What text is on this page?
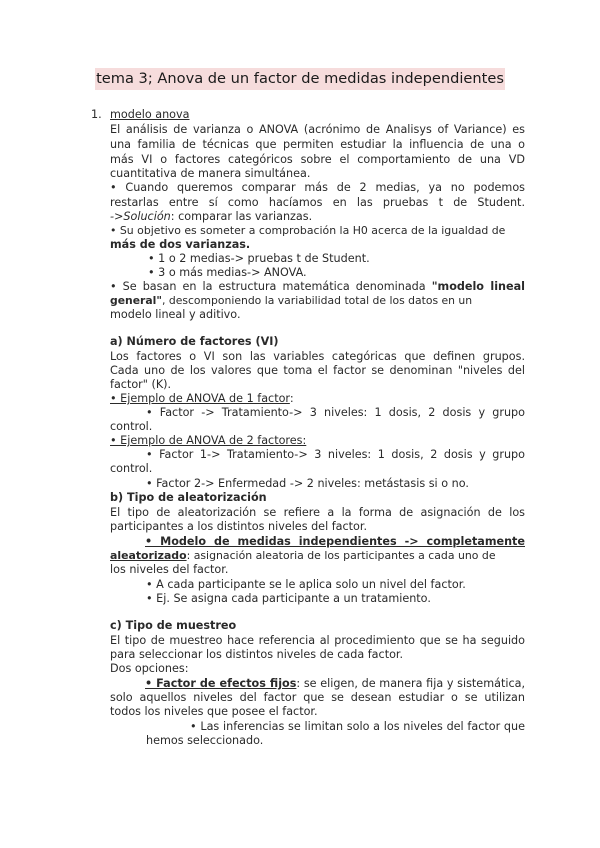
tema 3; Anova de un factor de medidas independientes
1. modelo anova
El análisis de varianza o ANOVA (acrónimo de Analisys of Variance) es
una familia de técnicas que permiten estudiar la influencia de una o
más VI o factores categóricos sobre el comportamiento de una VD
cuantitativa de manera simultánea.
• Cuando queremos comparar más de 2 medias, ya no podemos
restarlas entre sí como hacíamos en las pruebas t de Student.
->Solución: comparar las varianzas.
• Su objetivo es someter a comprobación la H0 acerca de la igualdad de
más de dos varianzas.
• 1 o 2 medias-> pruebas t de Student.
• 3 o más medias-> ANOVA.
• Se basan en la estructura matemática denominada "modelo lineal
general", descomponiendo la variabilidad total de los datos en un
modelo lineal y aditivo.
a) Número de factores (VI)
Los factores o VI son las variables categóricas que definen grupos.
Cada uno de los valores que toma el factor se denominan "niveles del
factor" (K).
• Ejemplo de ANOVA de 1 factor:
• Factor -> Tratamiento-> 3 niveles: 1 dosis, 2 dosis y grupo
control.
• Ejemplo de ANOVA de 2 factores:
• Factor 1-> Tratamiento-> 3 niveles: 1 dosis, 2 dosis y grupo
control.
• Factor 2-> Enfermedad -> 2 niveles: metástasis si o no.
b) Tipo de aleatorización
El tipo de aleatorización se refiere a la forma de asignación de los
participantes a los distintos niveles del factor.
• Modelo de medidas independientes -> completamente
aleatorizado: asignación aleatoria de los participantes a cada uno de
los niveles del factor.
• A cada participante se le aplica solo un nivel del factor.
• Ej. Se asigna cada participante a un tratamiento.
c) Tipo de muestreo
El tipo de muestreo hace referencia al procedimiento que se ha seguido
para seleccionar los distintos niveles de cada factor.
Dos opciones:
• Factor de efectos fijos: se eligen, de manera fija y sistemática,
solo aquellos niveles del factor que se desean estudiar o se utilizan
todos los niveles que posee el factor.
• Las inferencias se limitan solo a los niveles del factor que
hemos seleccionado.
